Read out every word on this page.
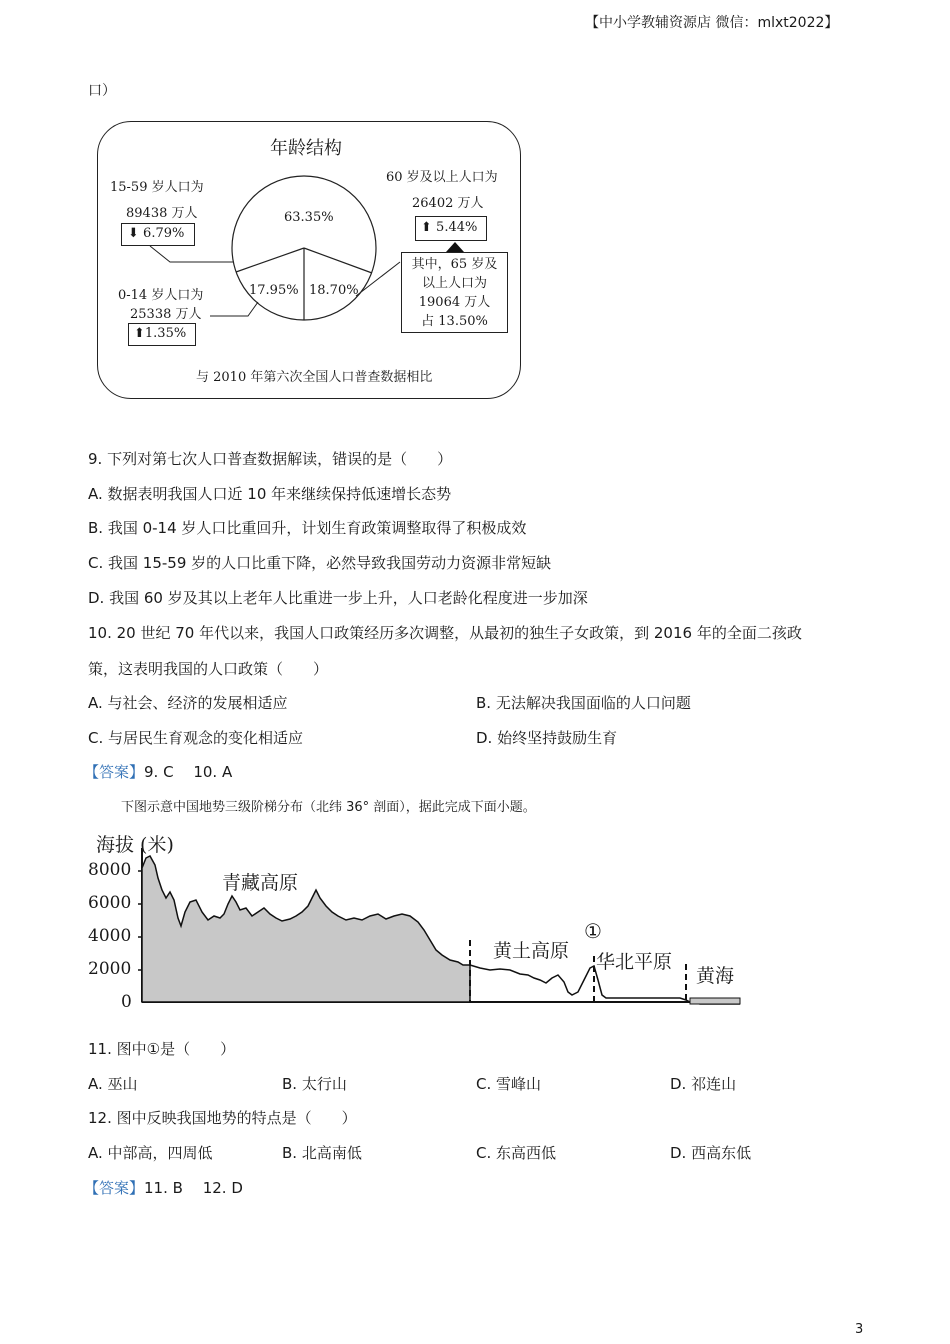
【中小学教辅资源店 微信：mlxt2022】
口）
年龄结构
63.35%
17.95% 18.70%
15-59 岁人口为
89438 万人
⬇ 6.79%
0-14 岁人口为
25338 万人
⬆1.35%
60 岁及以上人口为
26402 万人
⬆ 5.44%
其中，65 岁及
以上人口为
19064 万人
占 13.50%
与 2010 年第六次全国人口普查数据相比
9. 下列对第七次人口普查数据解读，错误的是（　　）
A. 数据表明我国人口近 10 年来继续保持低速增长态势
B. 我国 0-14 岁人口比重回升，计划生育政策调整取得了积极成效
C. 我国 15-59 岁的人口比重下降，必然导致我国劳动力资源非常短缺
D. 我国 60 岁及其以上老年人比重进一步上升，人口老龄化程度进一步加深
10. 20 世纪 70 年代以来，我国人口政策经历多次调整，从最初的独生子女政策，到 2016 年的全面二孩政
策，这表明我国的人口政策（　　）
A. 与社会、经济的发展相适应	B. 无法解决我国面临的人口问题
C. 与居民生育观念的变化相适应	D. 始终坚持鼓励生育
【答案】9. C　 10. A
下图示意中国地势三级阶梯分布（北纬 36° 剖面），据此完成下面小题。
海拔 (米)
8000
6000
4000
2000
0
青藏高原
黄土高原
①
华北平原
黄海
11. 图中①是（　　）
A. 巫山	B. 太行山	C. 雪峰山	D. 祁连山
12. 图中反映我国地势的特点是（　　）
A. 中部高，四周低	B. 北高南低	C. 东高西低	D. 西高东低
【答案】11. B　 12. D
3
